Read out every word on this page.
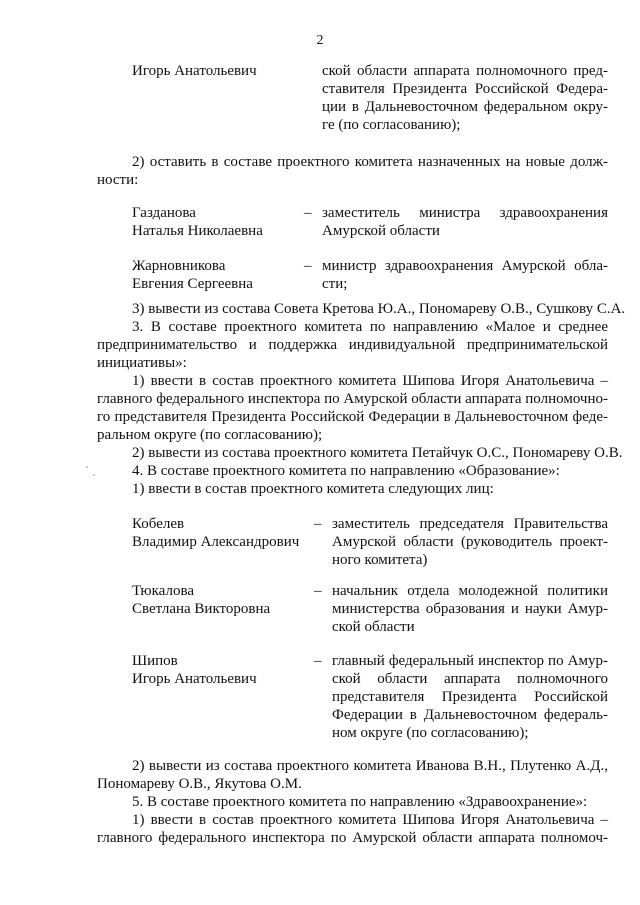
2
Игорь Анатольевич	ской области аппарата полномочного пред-
ставителя Президента Российской Федера-
ции в Дальневосточном федеральном окру-
ге (по согласованию);
2) оставить в составе проектного комитета назначенных на новые долж-
ности:
Газданова
Наталья Николаевна
– заместитель министра здравоохранения
Амурской области
Жарновникова
Евгения Сергеевна
– министр здравоохранения Амурской обла-
сти;
3) вывести из состава Совета Кретова Ю.А., Пономареву О.В., Сушкову С.А.
3. В составе проектного комитета по направлению «Малое и среднее
предпринимательство и поддержка индивидуальной предпринимательской
инициативы»:
1) ввести в состав проектного комитета Шипова Игоря Анатольевича –
главного федерального инспектора по Амурской области аппарата полномочно-
го представителя Президента Российской Федерации в Дальневосточном феде-
ральном округе (по согласованию);
2) вывести из состава проектного комитета Петайчук О.С., Пономареву О.В.
4. В составе проектного комитета по направлению «Образование»:
1) ввести в состав проектного комитета следующих лиц:
Кобелев
Владимир Александрович
– заместитель председателя Правительства
Амурской области (руководитель проект-
ного комитета)
Тюкалова
Светлана Викторовна
– начальник отдела молодежной политики
министерства образования и науки Амур-
ской области
Шипов
Игорь Анатольевич
– главный федеральный инспектор по Амур-
ской области аппарата полномочного
представителя Президента Российской
Федерации в Дальневосточном федераль-
ном округе (по согласованию);
2) вывести из состава проектного комитета Иванова В.Н., Плутенко А.Д.,
Пономареву О.В., Якутова О.М.
5. В составе проектного комитета по направлению «Здравоохранение»:
1) ввести в состав проектного комитета Шипова Игоря Анатольевича –
главного федерального инспектора по Амурской области аппарата полномоч-
